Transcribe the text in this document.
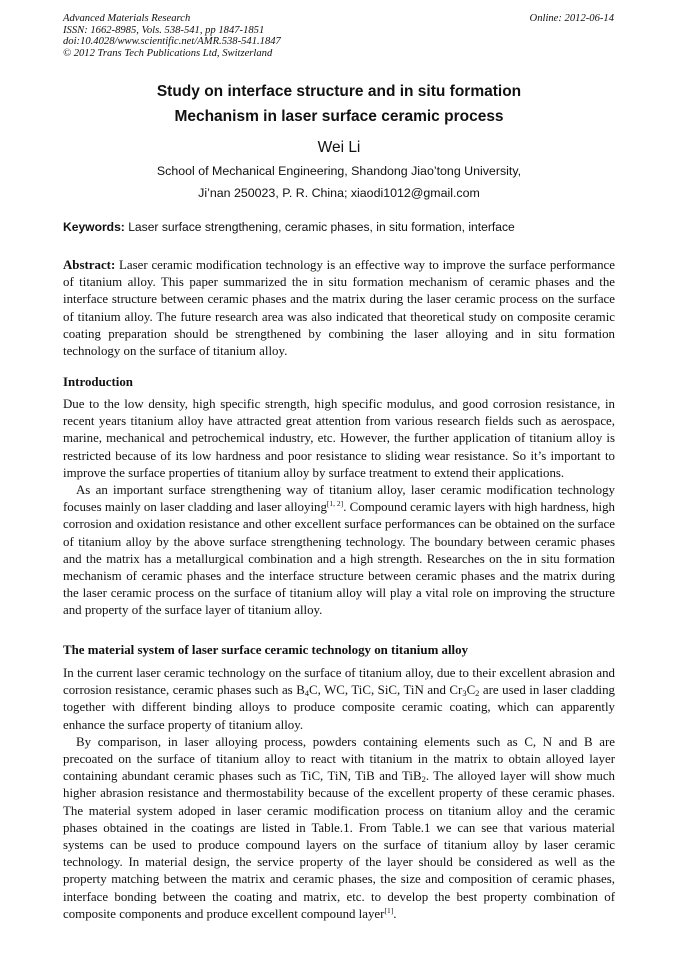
Advanced Materials Research
ISSN: 1662-8985, Vols. 538-541, pp 1847-1851
doi:10.4028/www.scientific.net/AMR.538-541.1847
© 2012 Trans Tech Publications Ltd, Switzerland
Online: 2012-06-14
Study on interface structure and in situ formation
Mechanism in laser surface ceramic process
Wei Li
School of Mechanical Engineering, Shandong Jiao’tong University,
Ji’nan 250023, P. R. China; xiaodi1012@gmail.com
Keywords: Laser surface strengthening, ceramic phases, in situ formation, interface

Abstract: Laser ceramic modification technology is an effective way to improve the surface performance of titanium alloy. This paper summarized the in situ formation mechanism of ceramic phases and the interface structure between ceramic phases and the matrix during the laser ceramic process on the surface of titanium alloy. The future research area was also indicated that theoretical study on composite ceramic coating preparation should be strengthened by combining the laser alloying and in situ formation technology on the surface of titanium alloy.

Introduction

Due to the low density, high specific strength, high specific modulus, and good corrosion resistance, in recent years titanium alloy have attracted great attention from various research fields such as aerospace, marine, mechanical and petrochemical industry, etc. However, the further application of titanium alloy is restricted because of its low hardness and poor resistance to sliding wear resistance. So it’s important to improve the surface properties of titanium alloy by surface treatment to extend their applications.

As an important surface strengthening way of titanium alloy, laser ceramic modification technology focuses mainly on laser cladding and laser alloying[1, 2]. Compound ceramic layers with high hardness, high corrosion and oxidation resistance and other excellent surface performances can be obtained on the surface of titanium alloy by the above surface strengthening technology. The boundary between ceramic phases and the matrix has a metallurgical combination and a high strength. Researches on the in situ formation mechanism of ceramic phases and the interface structure between ceramic phases and the matrix during the laser ceramic process on the surface of titanium alloy will play a vital role on improving the structure and property of the surface layer of titanium alloy.

The material system of laser surface ceramic technology on titanium alloy

In the current laser ceramic technology on the surface of titanium alloy, due to their excellent abrasion and corrosion resistance, ceramic phases such as $B_4C$, WC, TiC, SiC, TiN and $Cr_3C_2$ are used in laser cladding together with different binding alloys to produce composite ceramic coating, which can apparently enhance the surface property of titanium alloy.

By comparison, in laser alloying process, powders containing elements such as C, N and B are precoated on the surface of titanium alloy to react with titanium in the matrix to obtain alloyed layer containing abundant ceramic phases such as TiC, TiN, TiB and TiB$_2$. The alloyed layer will show much higher abrasion resistance and thermostability because of the excellent property of these ceramic phases. The material system adoped in laser ceramic modification process on titanium alloy and the ceramic phases obtained in the coatings are listed in Table.1. From Table.1 we can see that various material systems can be used to produce compound layers on the surface of titanium alloy by laser ceramic technology. In material design, the service property of the layer should be considered as well as the property matching between the matrix and ceramic phases, the size and composition of ceramic phases, interface bonding between the coating and matrix, etc. to develop the best property combination of composite components and produce excellent compound layer[1].
